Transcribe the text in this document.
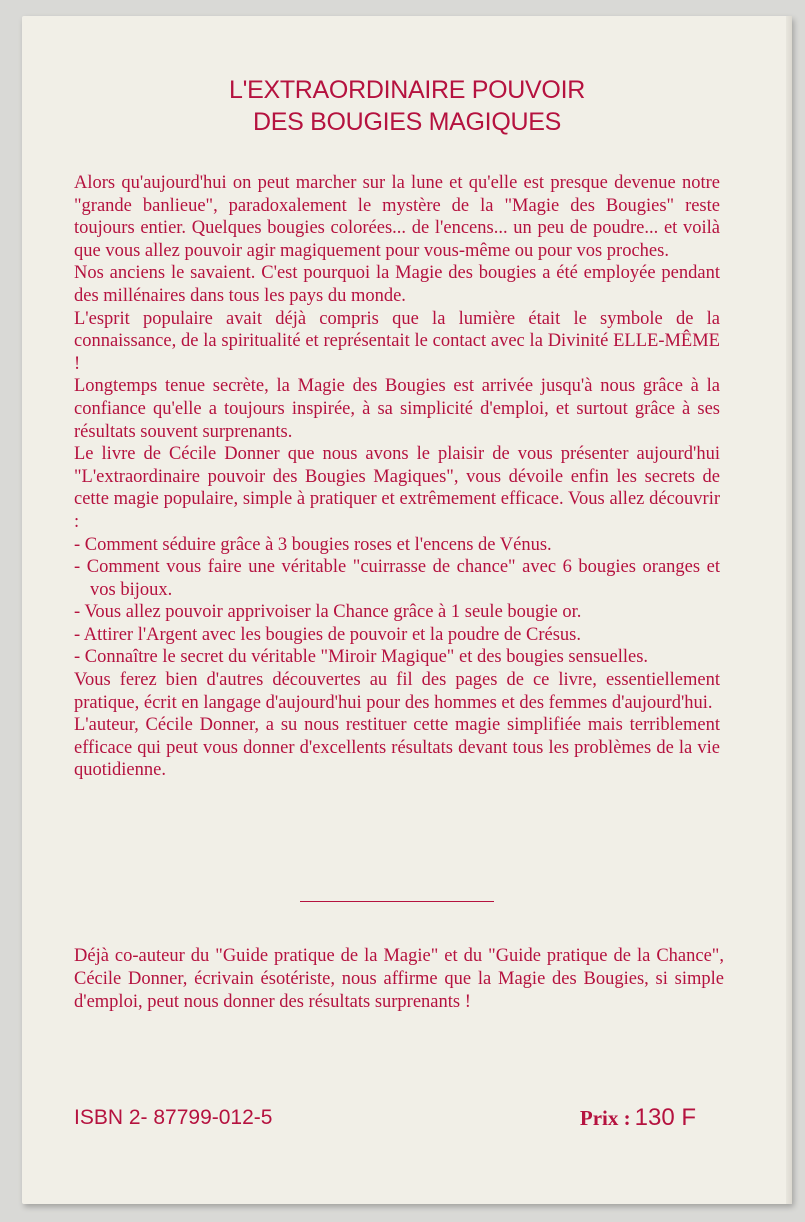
L'EXTRAORDINAIRE POUVOIR
DES BOUGIES MAGIQUES

Alors qu'aujourd'hui on peut marcher sur la lune et qu'elle est presque devenue notre "grande banlieue", paradoxalement le mystère de la "Magie des Bougies" reste toujours entier. Quelques bougies colorées... de l'encens... un peu de poudre... et voilà que vous allez pouvoir agir magiquement pour vous-même ou pour vos proches.

Nos anciens le savaient. C'est pourquoi la Magie des bougies a été employée pendant des millénaires dans tous les pays du monde.

L'esprit populaire avait déjà compris que la lumière était le symbole de la connaissance, de la spiritualité et représentait le contact avec la Divinité ELLE-MÊME !

Longtemps tenue secrète, la Magie des Bougies est arrivée jusqu'à nous grâce à la confiance qu'elle a toujours inspirée, à sa simplicité d'emploi, et surtout grâce à ses résultats souvent surprenants.

Le livre de Cécile Donner que nous avons le plaisir de vous présenter aujourd'hui "L'extraordinaire pouvoir des Bougies Magiques", vous dévoile enfin les secrets de cette magie populaire, simple à pratiquer et extrêmement efficace. Vous allez découvrir :

- Comment séduire grâce à 3 bougies roses et l'encens de Vénus.

- Comment vous faire une véritable "cuirrasse de chance" avec 6 bougies oranges et vos bijoux.

- Vous allez pouvoir apprivoiser la Chance grâce à 1 seule bougie or.

- Attirer l'Argent avec les bougies de pouvoir et la poudre de Crésus.

- Connaître le secret du véritable "Miroir Magique" et des bougies sensuelles.

Vous ferez bien d'autres découvertes au fil des pages de ce livre, essentiellement pratique, écrit en langage d'aujourd'hui pour des hommes et des femmes d'aujourd'hui.

L'auteur, Cécile Donner, a su nous restituer cette magie simplifiée mais terriblement efficace qui peut vous donner d'excellents résultats devant tous les problèmes de la vie quotidienne.

Déjà co-auteur du "Guide pratique de la Magie" et du "Guide pratique de la Chance", Cécile Donner, écrivain ésotériste, nous affirme que la Magie des Bougies, si simple d'emploi, peut nous donner des résultats surprenants !

ISBN 2- 87799-012-5	Prix : 130 F
